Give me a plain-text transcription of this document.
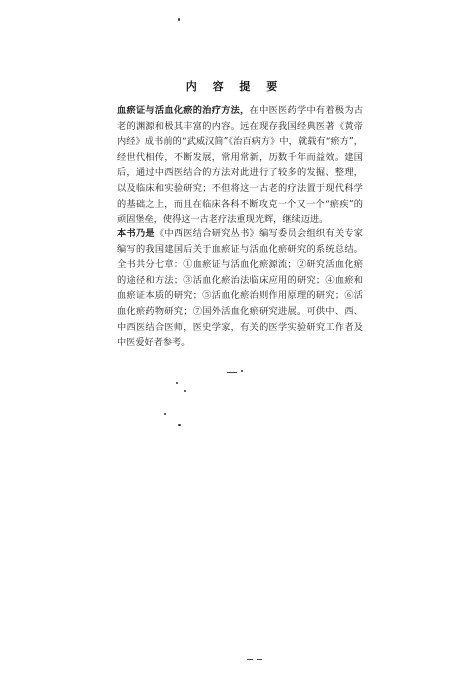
内 容 提 要

血瘀证与活血化瘀的治疗方法，在中医医药学中有着极为古老的渊源和极其丰富的内容。远在现存我国经典医著《黄帝内经》成书前的“武威汉简”《治百病方》中，就载有“瘀方”，经世代相传，不断发展，常用常新，历数千年而益效。建国后，通过中西医结合的方法对此进行了较多的发掘、整理，以及临床和实验研究；不但将这一古老的疗法置于现代科学的基础之上，而且在临床各科不断攻克一个又一个“瘀疾”的顽固堡垒，使得这一古老疗法重现光辉，继续迈进。

本书乃是《中西医结合研究丛书》编写委员会组织有关专家编写的我国建国后关于血瘀证与活血化瘀研究的系统总结。全书共分七章：①血瘀证与活血化瘀源流；②研究活血化瘀的途径和方法；③活血化瘀治法临床应用的研究；④血瘀和血瘀证本质的研究；⑤活血化瘀治则作用原理的研究；⑥活血化瘀药物研究；⑦国外活血化瘀研究进展。可供中、西、中西医结合医师，医史学家，有关的医学实验研究工作者及中医爱好者参考。
